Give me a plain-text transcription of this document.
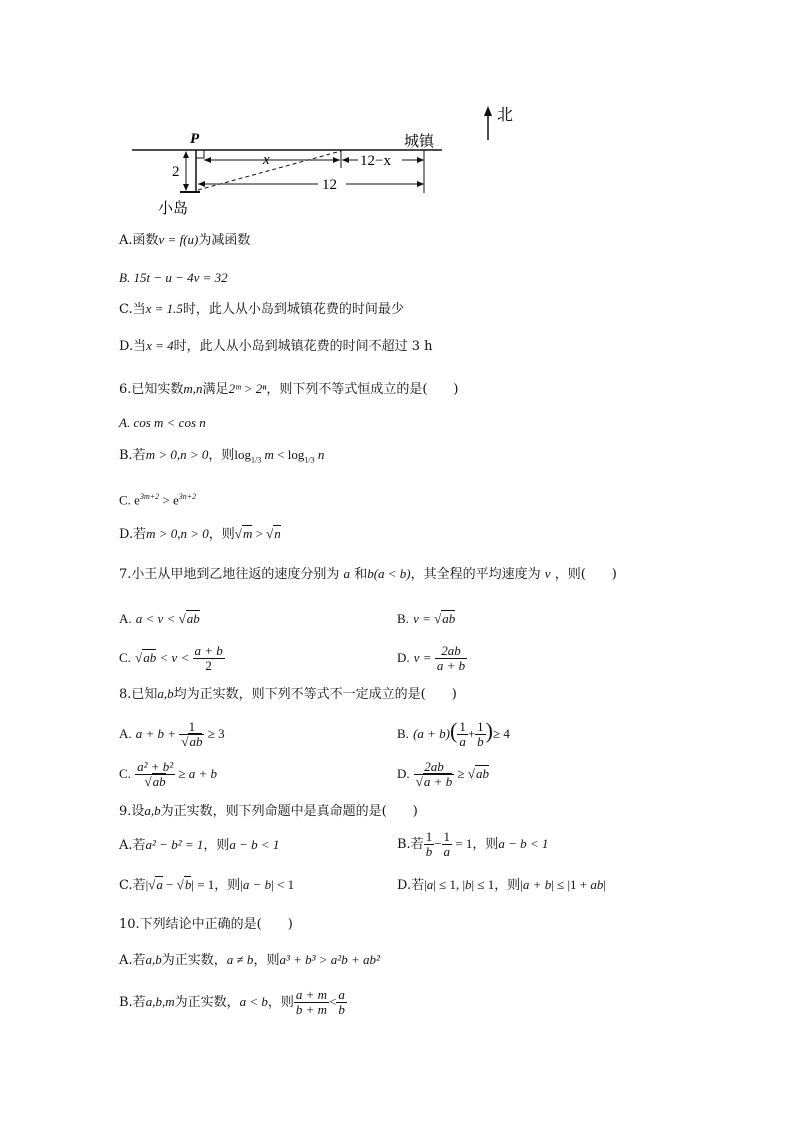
北
P	城镇
2
小岛
x	12−x
12
A.函数v = f(u)为减函数
B. 15t − u − 4v = 32
C.当x = 1.5时，此人从小岛到城镇花费的时间最少
D.当x = 4时，此人从小岛到城镇花费的时间不超过 3 h
6.已知实数m,n满足2ᵐ > 2ⁿ，则下列不等式恒成立的是(　　)
A. cos m < cos n
B.若m > 0,n > 0，则$\log_{1/3} m < \log_{1/3} n$
C. $e^{3m+2} > e^{3n+2}$
D.若m > 0,n > 0，则√m > √n
7.小王从甲地到乙地往返的速度分别为 a 和b(a < b)，其全程的平均速度为 v ，则(　　)
A. a < v < √ab	B. v = √ab
C. $√ab < v < \frac{a + b}{2}$	D. $v = \frac{2ab}{a + b}$
8.已知a,b均为正实数，则下列不等式不一定成立的是(　　)
A. $a + b + \frac{1}{√ab} \ge 3$	B. $(a + b)( \frac{1}{a} + \frac{1}{b}$ )≥ 4
C. $\frac{\text{a² + b²}}{√ab} \ge a + b$	D. $\frac{2ab}{√a + b} \ge √ab$
9.设a,b为正实数，则下列命题中是真命题的是(　　)
A.若a² − b² = 1，则a − b < 1	B.若 $\frac{1}{b} - \frac{1}{a} = 1$，则a − b < 1
C.若|√a − √b| = 1，则|a − b| < 1	D.若|a| ≤ 1, |b| ≤ 1，则|a + b| ≤ |1 + ab|
10.下列结论中正确的是(　　)
A.若a,b为正实数，a ≠ b，则a³ + b³ > a²b + ab²
B.若a,b,m为正实数，a < b，则 $\frac{a + m}{b + m} < \frac{a}{b}$
